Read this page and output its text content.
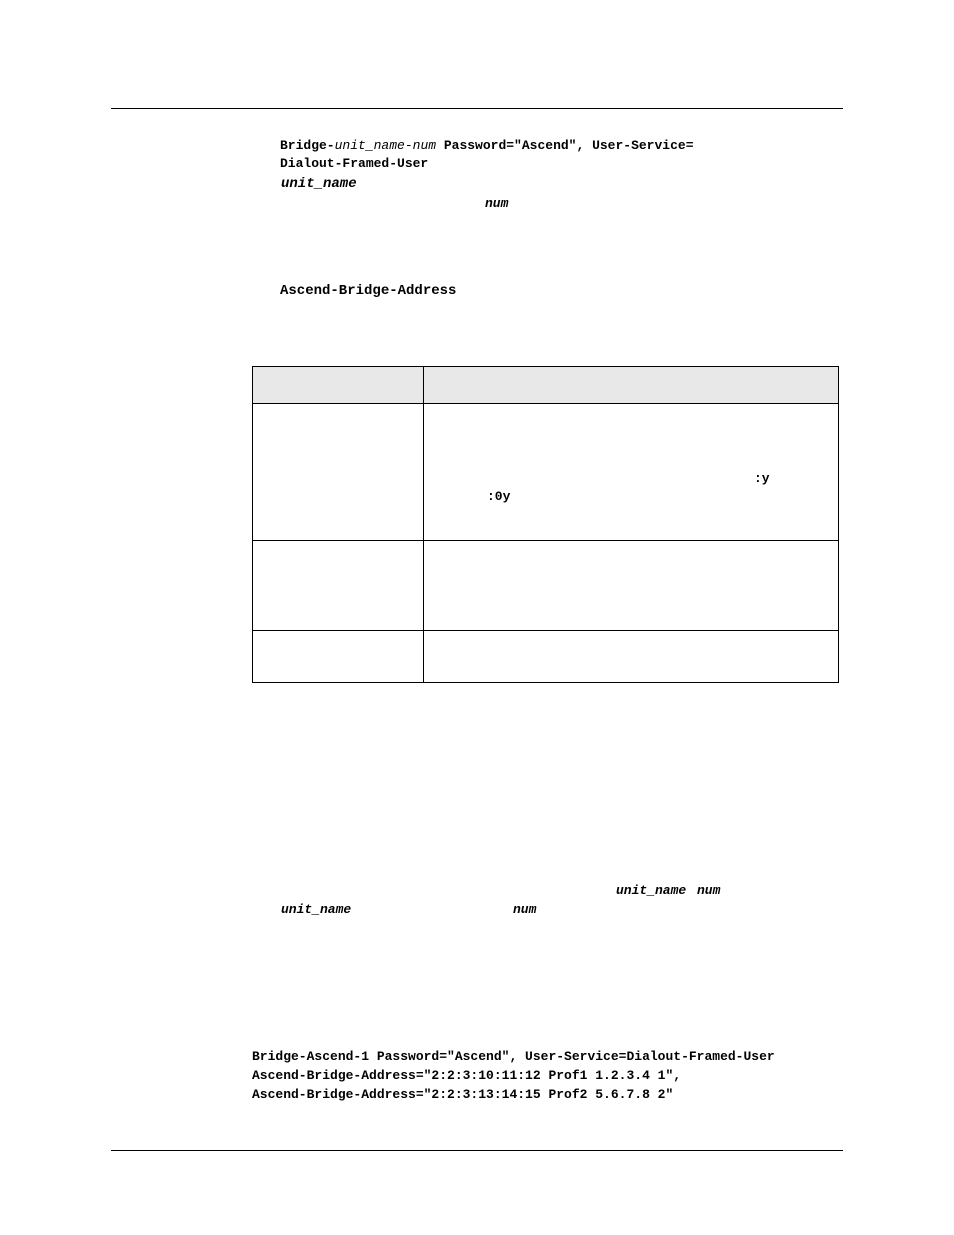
Bridge-unit_name-num Password="Ascend", User-Service=
Dialout-Framed-User
unit_name
num
Ascend-Bridge-Address
:y
:0y
unit_name num
unit_name	num
Bridge-Ascend-1 Password="Ascend", User-Service=Dialout-Framed-User
Ascend-Bridge-Address="2:2:3:10:11:12 Prof1 1.2.3.4 1",
Ascend-Bridge-Address="2:2:3:13:14:15 Prof2 5.6.7.8 2"
